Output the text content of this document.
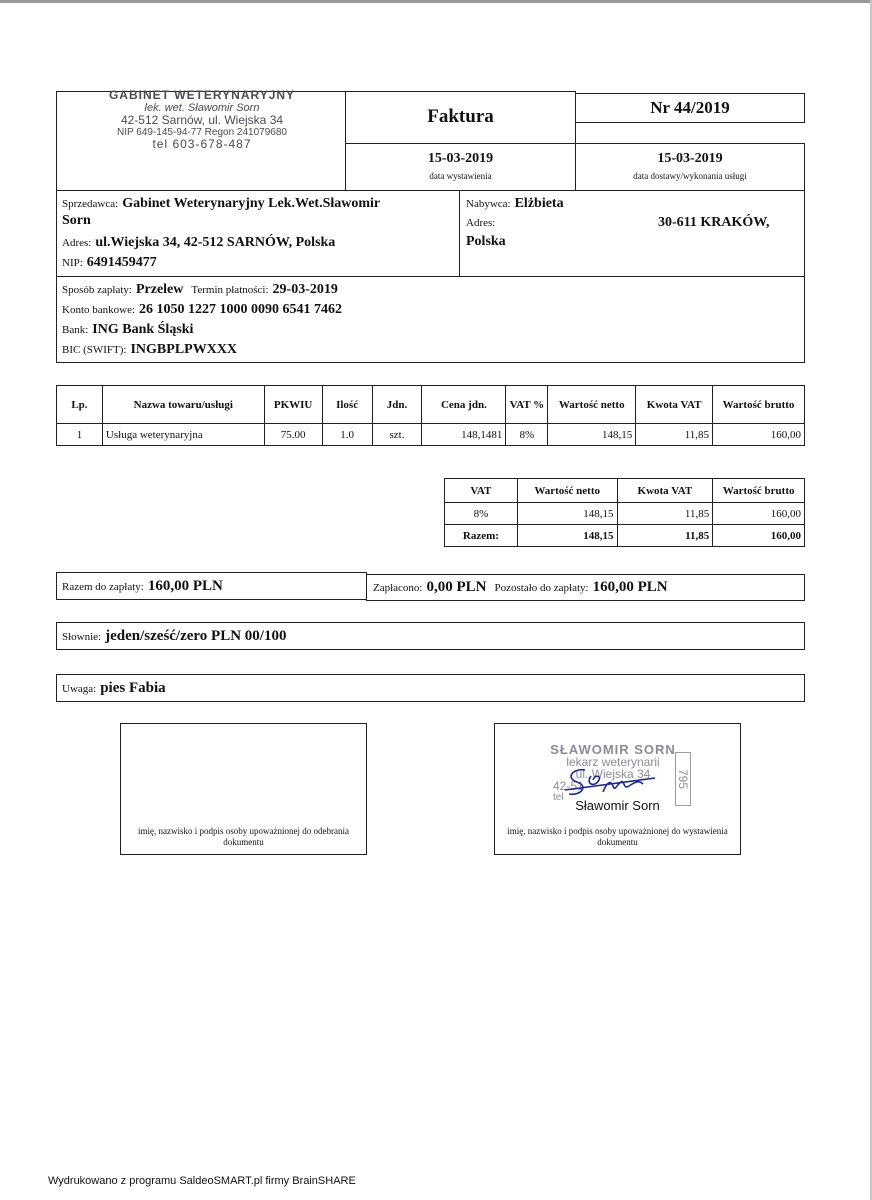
GABINET WETERYNARYJNY
lek. wet. Sławomir Sorn
42-512 Sarnów, ul. Wiejska 34
NIP 649-145-94-77 Regon 241079680
tel 603-678-487
Faktura	Nr 44/2019
15-03-2019
data wystawienia
15-03-2019
data dostawy/wykonania usługi
Sprzedawca: Gabinet Weterynaryjny Lek.Wet.Sławomir
Sorn
Adres: ul.Wiejska 34, 42-512 SARNÓW, Polska
NIP: 6491459477
Nabywca: Elżbieta
Adres:	30-611 KRAKÓW,
Polska
Sposób zapłaty: Przelew Termin płatności: 29-03-2019
Konto bankowe: 26 1050 1227 1000 0090 6541 7462
Bank: ING Bank Śląski
BIC (SWIFT): INGBPLPWXXX
Lp.	Nazwa towaru/usługi	PKWIU	Ilość	Jdn.	Cena jdn.	VAT %	Wartość netto	Kwota VAT	Wartość brutto
1	Usługa weterynaryjna	75.00	1.0	szt.	148,1481	8%	148,15	11,85	160,00
VAT	Wartość netto	Kwota VAT	Wartość brutto
8%	148,15	11,85	160,00
Razem:	148,15	11,85	160,00
Razem do zapłaty: 160,00 PLN	Zapłacono: 0,00 PLN Pozostało do zapłaty: 160,00 PLN
Słownie: jeden/sześć/zero PLN 00/100
Uwaga: pies Fabia
imię, nazwisko i podpis osoby upoważnionej do odebrania dokumentu
SŁAWOMIR SORN
lekarz weterynarii
ul. Wiejska 34
42-51
tel
795
Sławomir Sorn
imię, nazwisko i podpis osoby upoważnionej do wystawienia dokumentu
Wydrukowano z programu SaldeoSMART.pl firmy BrainSHARE
